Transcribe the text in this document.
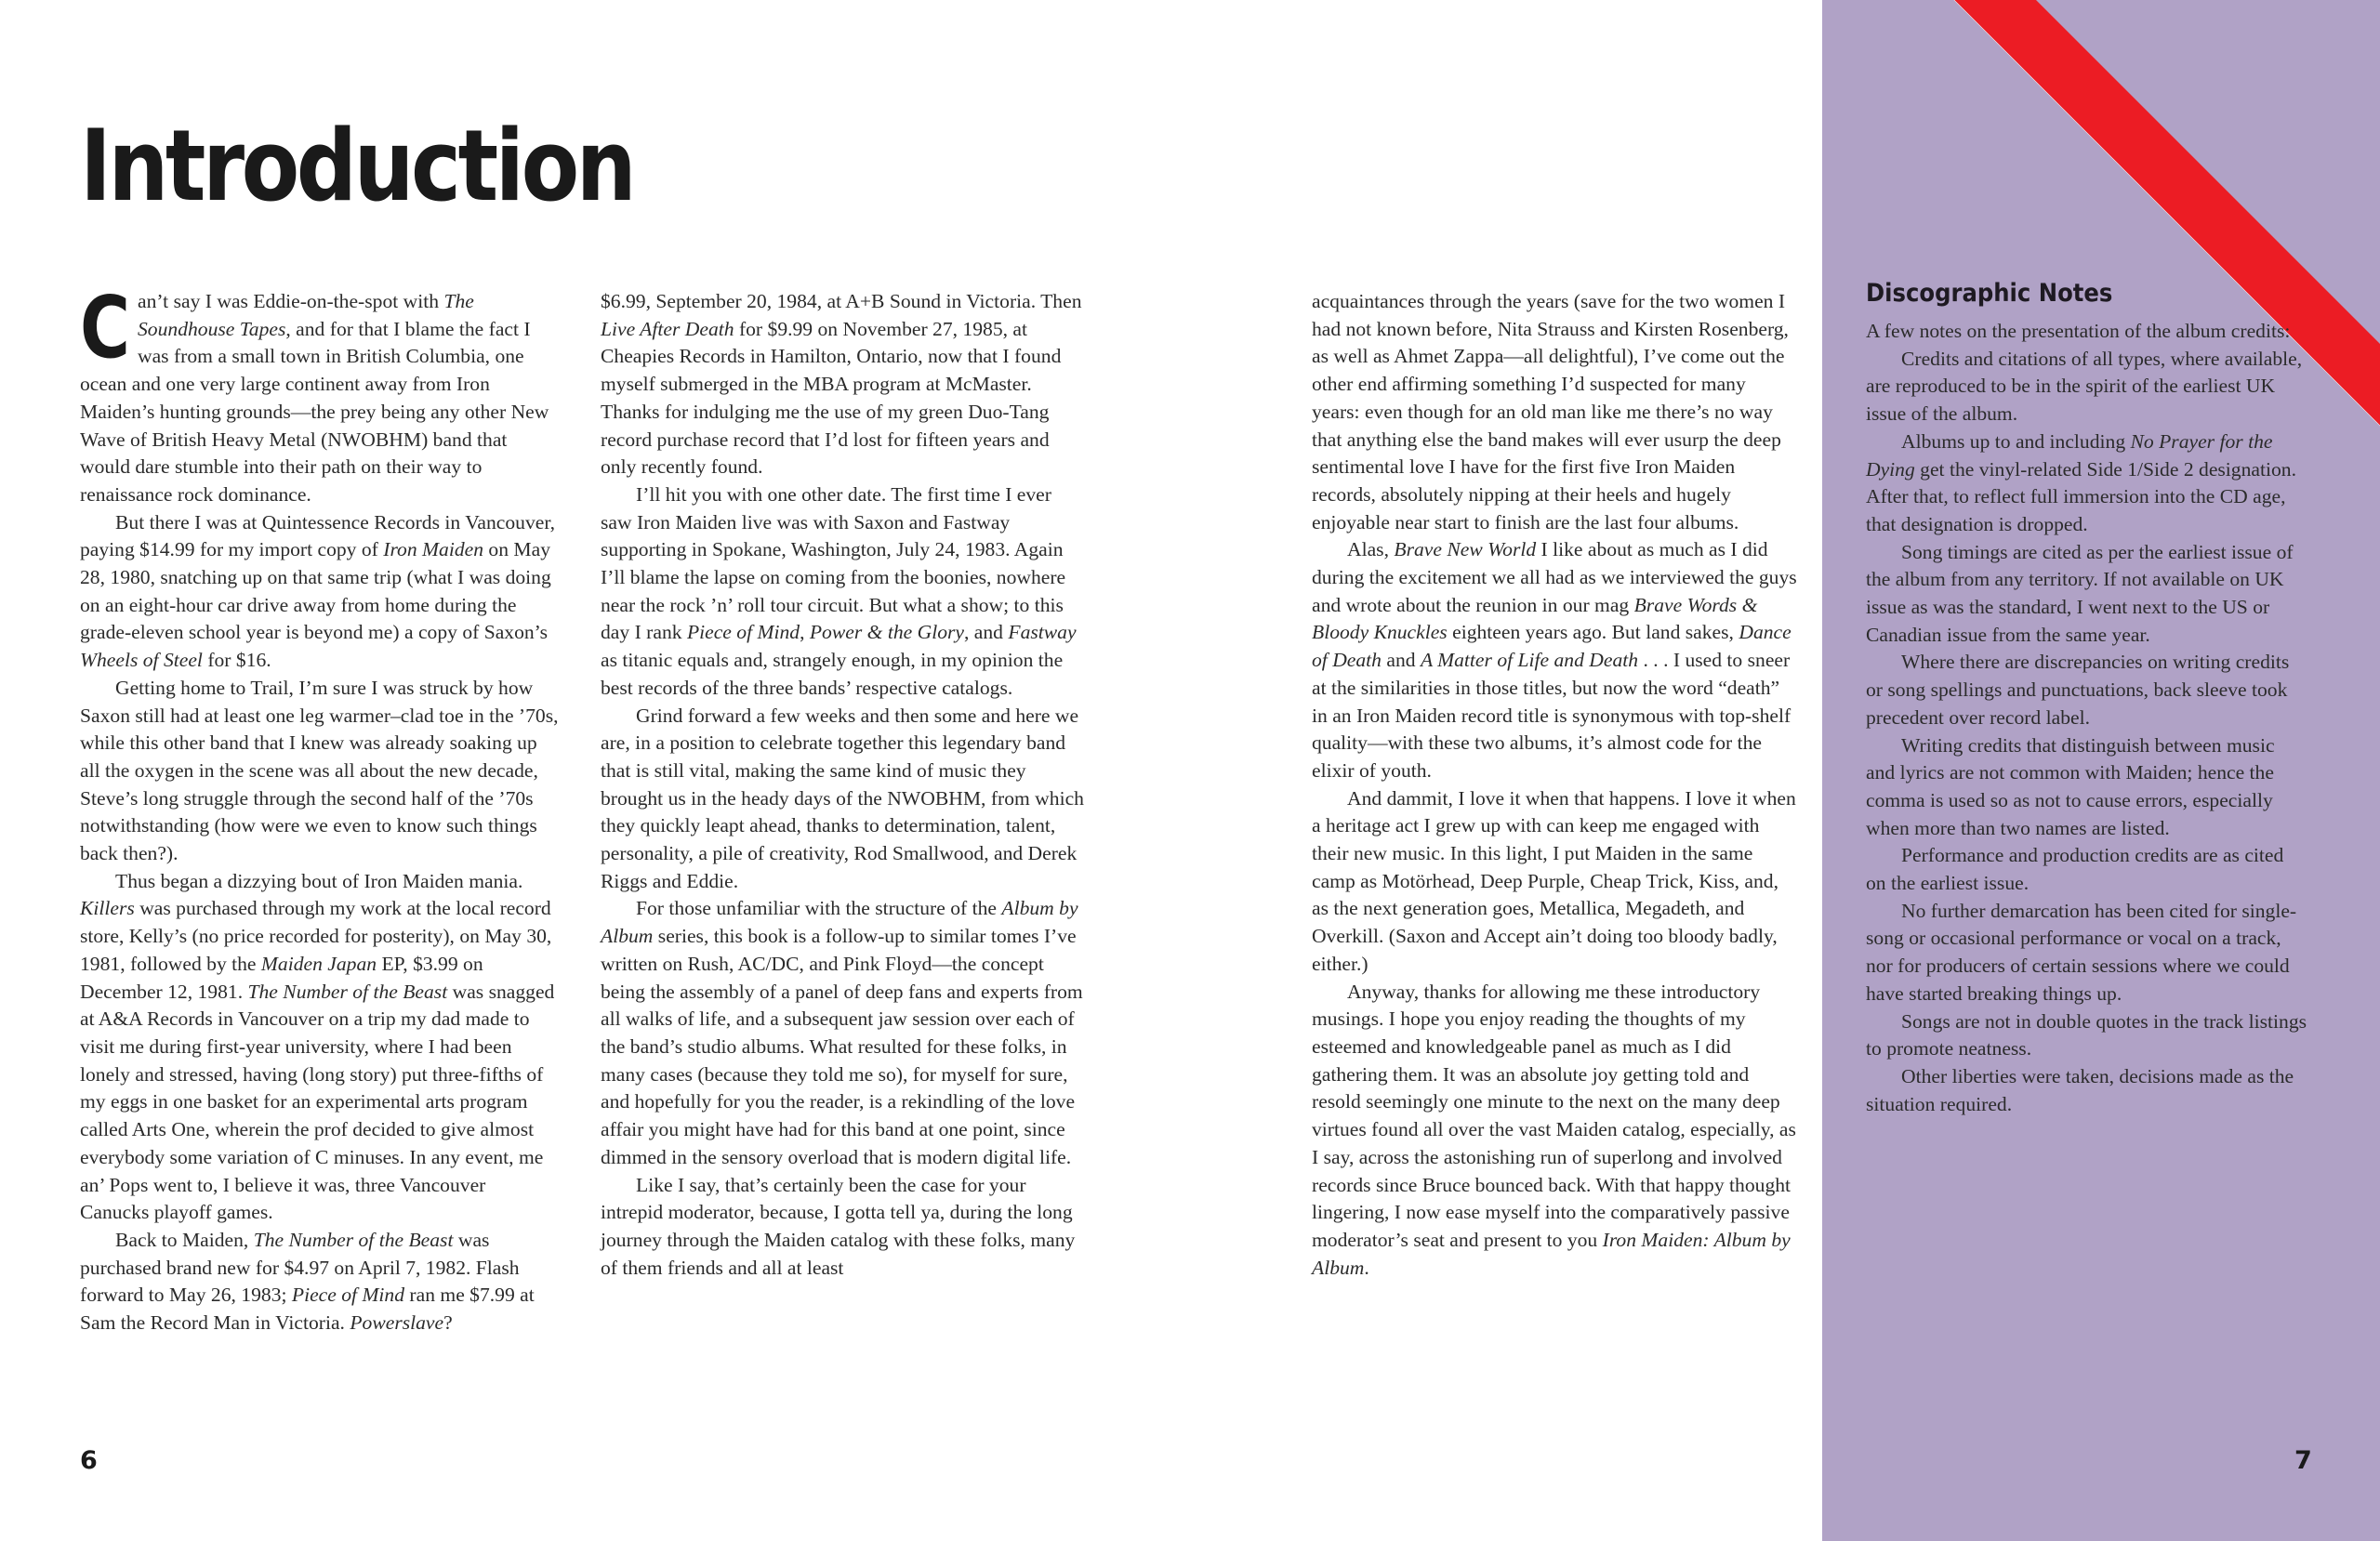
Introduction

Can’t say I was Eddie-on-the-spot with The Soundhouse Tapes, and for that I blame the fact I was from a small town in British Columbia, one ocean and one very large continent away from Iron Maiden’s hunting grounds—the prey being any other New Wave of British Heavy Metal (NWOBHM) band that would dare stumble into their path on their way to renaissance rock dominance.

But there I was at Quintessence Records in Vancouver, paying $14.99 for my import copy of Iron Maiden on May 28, 1980, snatching up on that same trip (what I was doing on an eight-hour car drive away from home during the grade-eleven school year is beyond me) a copy of Saxon’s Wheels of Steel for $16.

Getting home to Trail, I’m sure I was struck by how Saxon still had at least one leg warmer–clad toe in the ’70s, while this other band that I knew was already soaking up all the oxygen in the scene was all about the new decade, Steve’s long struggle through the second half of the ’70s notwithstanding (how were we even to know such things back then?).

Thus began a dizzying bout of Iron Maiden mania. Killers was purchased through my work at the local record store, Kelly’s (no price recorded for posterity), on May 30, 1981, followed by the Maiden Japan EP, $3.99 on December 12, 1981. The Number of the Beast was snagged at A&A Records in Vancouver on a trip my dad made to visit me during first-year university, where I had been lonely and stressed, having (long story) put three-fifths of my eggs in one basket for an experimental arts program called Arts One, wherein the prof decided to give almost everybody some variation of C minuses. In any event, me an’ Pops went to, I believe it was, three Vancouver Canucks playoff games.

Back to Maiden, The Number of the Beast was purchased brand new for $4.97 on April 7, 1982. Flash forward to May 26, 1983; Piece of Mind ran me $7.99 at Sam the Record Man in Victoria. Powerslave?

$6.99, September 20, 1984, at A+B Sound in Victoria. Then Live After Death for $9.99 on November 27, 1985, at Cheapies Records in Hamilton, Ontario, now that I found myself submerged in the MBA program at McMaster. Thanks for indulging me the use of my green Duo-Tang record purchase record that I’d lost for fifteen years and only recently found.

I’ll hit you with one other date. The first time I ever saw Iron Maiden live was with Saxon and Fastway supporting in Spokane, Washington, July 24, 1983. Again I’ll blame the lapse on coming from the boonies, nowhere near the rock ’n’ roll tour circuit. But what a show; to this day I rank Piece of Mind, Power & the Glory, and Fastway as titanic equals and, strangely enough, in my opinion the best records of the three bands’ respective catalogs.

Grind forward a few weeks and then some and here we are, in a position to celebrate together this legendary band that is still vital, making the same kind of music they brought us in the heady days of the NWOBHM, from which they quickly leapt ahead, thanks to determination, talent, personality, a pile of creativity, Rod Smallwood, and Derek Riggs and Eddie.

For those unfamiliar with the structure of the Album by Album series, this book is a follow-up to similar tomes I’ve written on Rush, AC/DC, and Pink Floyd—the concept being the assembly of a panel of deep fans and experts from all walks of life, and a subsequent jaw session over each of the band’s studio albums. What resulted for these folks, in many cases (because they told me so), for myself for sure, and hopefully for you the reader, is a rekindling of the love affair you might have had for this band at one point, since dimmed in the sensory overload that is modern digital life.

Like I say, that’s certainly been the case for your intrepid moderator, because, I gotta tell ya, during the long journey through the Maiden catalog with these folks, many of them friends and all at least

6

acquaintances through the years (save for the two women I had not known before, Nita Strauss and Kirsten Rosenberg, as well as Ahmet Zappa—all delightful), I’ve come out the other end affirming something I’d suspected for many years: even though for an old man like me there’s no way that anything else the band makes will ever usurp the deep sentimental love I have for the first five Iron Maiden records, absolutely nipping at their heels and hugely enjoyable near start to finish are the last four albums.

Alas, Brave New World I like about as much as I did during the excitement we all had as we interviewed the guys and wrote about the reunion in our mag Brave Words & Bloody Knuckles eighteen years ago. But land sakes, Dance of Death and A Matter of Life and Death . . . I used to sneer at the similarities in those titles, but now the word “death” in an Iron Maiden record title is synonymous with top-shelf quality—with these two albums, it’s almost code for the elixir of youth.

And dammit, I love it when that happens. I love it when a heritage act I grew up with can keep me engaged with their new music. In this light, I put Maiden in the same camp as Motörhead, Deep Purple, Cheap Trick, Kiss, and, as the next generation goes, Metallica, Megadeth, and Overkill. (Saxon and Accept ain’t doing too bloody badly, either.)

Anyway, thanks for allowing me these introductory musings. I hope you enjoy reading the thoughts of my esteemed and knowledgeable panel as much as I did gathering them. It was an absolute joy getting told and resold seemingly one minute to the next on the many deep virtues found all over the vast Maiden catalog, especially, as I say, across the astonishing run of superlong and involved records since Bruce bounced back. With that happy thought lingering, I now ease myself into the comparatively passive moderator’s seat and present to you Iron Maiden: Album by Album.

Discographic Notes

A few notes on the presentation of the album credits:

Credits and citations of all types, where available, are reproduced to be in the spirit of the earliest UK issue of the album.

Albums up to and including No Prayer for the Dying get the vinyl-related Side 1/Side 2 designation. After that, to reflect full immersion into the CD age, that designation is dropped.

Song timings are cited as per the earliest issue of the album from any territory. If not available on UK issue as was the standard, I went next to the US or Canadian issue from the same year.

Where there are discrepancies on writing credits or song spellings and punctuations, back sleeve took precedent over record label.

Writing credits that distinguish between music and lyrics are not common with Maiden; hence the comma is used so as not to cause errors, especially when more than two names are listed.

Performance and production credits are as cited on the earliest issue.

No further demarcation has been cited for single-song or occasional performance or vocal on a track, nor for producers of certain sessions where we could have started breaking things up.

Songs are not in double quotes in the track listings to promote neatness.

Other liberties were taken, decisions made as the situation required.

7
